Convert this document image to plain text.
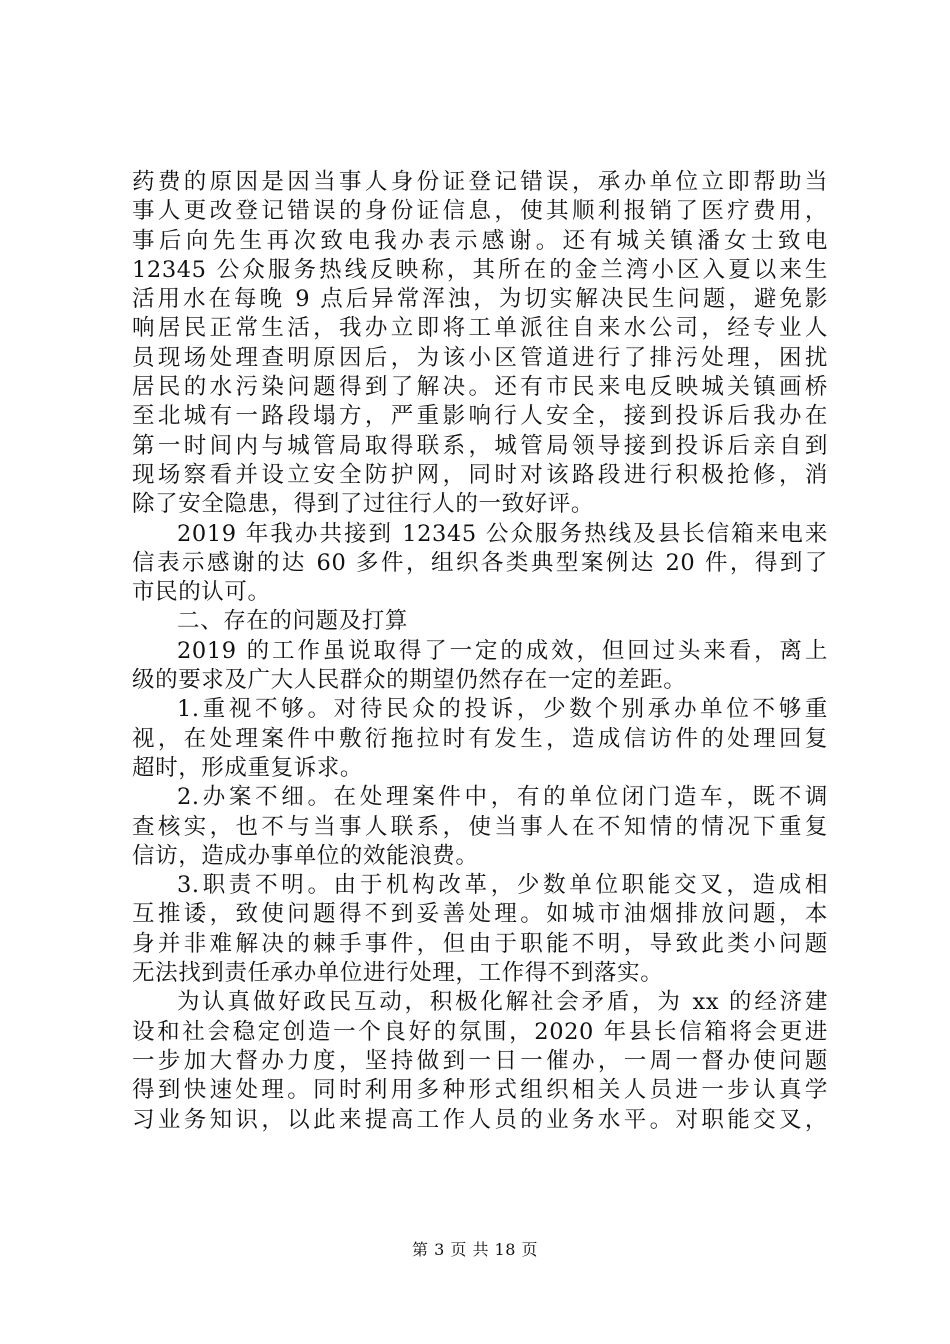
药费的原因是因当事人身份证登记错误，承办单位立即帮助当
事人更改登记错误的身份证信息，使其顺利报销了医疗费用，
事后向先生再次致电我办表示感谢。还有城关镇潘女士致电
12345 公众服务热线反映称，其所在的金兰湾小区入夏以来生
活用水在每晚 9 点后异常浑浊，为切实解决民生问题，避免影
响居民正常生活，我办立即将工单派往自来水公司，经专业人
员现场处理查明原因后，为该小区管道进行了排污处理，困扰
居民的水污染问题得到了解决。还有市民来电反映城关镇画桥
至北城有一路段塌方，严重影响行人安全，接到投诉后我办在
第一时间内与城管局取得联系，城管局领导接到投诉后亲自到
现场察看并设立安全防护网，同时对该路段进行积极抢修，消
除了安全隐患，得到了过往行人的一致好评。
2019 年我办共接到 12345 公众服务热线及县长信箱来电来
信表示感谢的达 60 多件，组织各类典型案例达 20 件，得到了
市民的认可。
二、存在的问题及打算
2019 的工作虽说取得了一定的成效，但回过头来看，离上
级的要求及广大人民群众的期望仍然存在一定的差距。
1.重视不够。对待民众的投诉，少数个别承办单位不够重
视，在处理案件中敷衍拖拉时有发生，造成信访件的处理回复
超时，形成重复诉求。
2.办案不细。在处理案件中，有的单位闭门造车，既不调
查核实，也不与当事人联系，使当事人在不知情的情况下重复
信访，造成办事单位的效能浪费。
3.职责不明。由于机构改革，少数单位职能交叉，造成相
互推诿，致使问题得不到妥善处理。如城市油烟排放问题，本
身并非难解决的棘手事件，但由于职能不明，导致此类小问题
无法找到责任承办单位进行处理，工作得不到落实。
为认真做好政民互动，积极化解社会矛盾，为 xx 的经济建
设和社会稳定创造一个良好的氛围，2020 年县长信箱将会更进
一步加大督办力度，坚持做到一日一催办，一周一督办使问题
得到快速处理。同时利用多种形式组织相关人员进一步认真学
习业务知识，以此来提高工作人员的业务水平。对职能交叉，
第 3 页 共 18 页
